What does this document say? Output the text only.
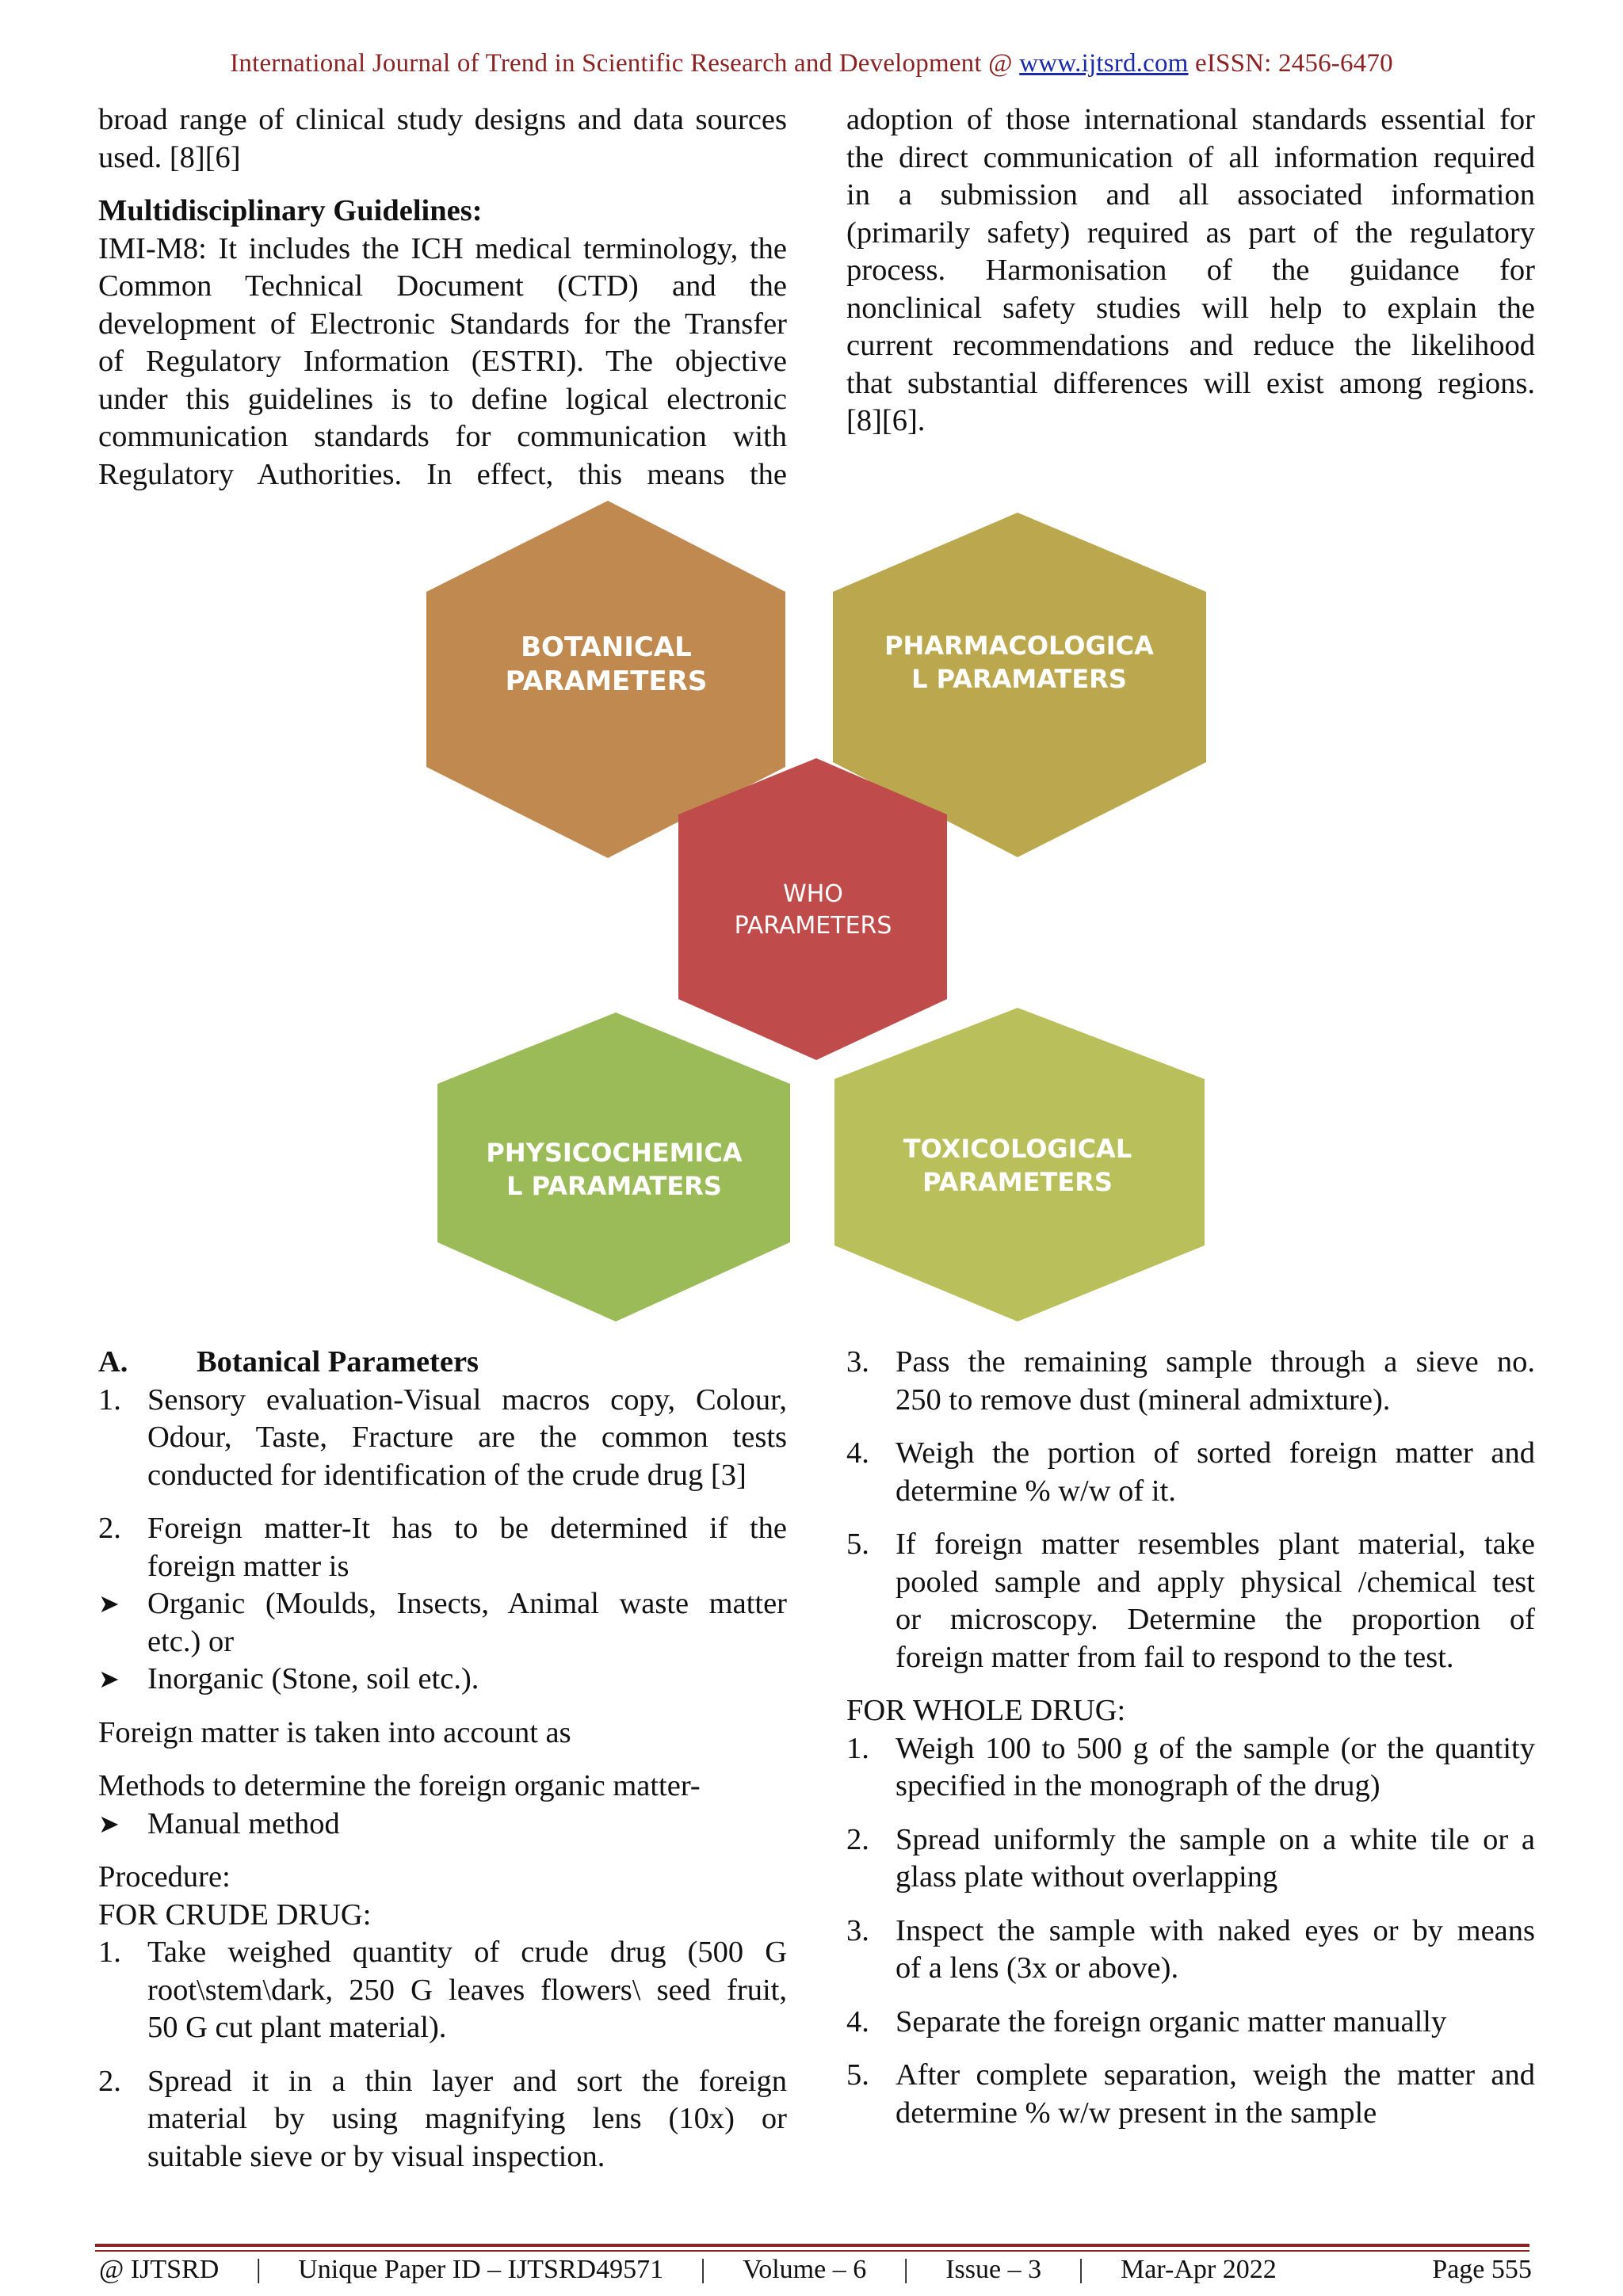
International Journal of Trend in Scientific Research and Development @ www.ijtsrd.com eISSN: 2456-6470

broad range of clinical study designs and data sources

used. [8][6]

Multidisciplinary Guidelines:

IMI-M8: It includes the ICH medical terminology, the

Common Technical Document (CTD) and the

development of Electronic Standards for the Transfer

of Regulatory Information (ESTRI). The objective

under this guidelines is to define logical electronic

communication standards for communication with

Regulatory Authorities. In effect, this means the

adoption of those international standards essential for

the direct communication of all information required

in a submission and all associated information

(primarily safety) required as part of the regulatory

process. Harmonisation of the guidance for

nonclinical safety studies will help to explain the

current recommendations and reduce the likelihood

that substantial differences will exist among regions.

[8][6].

BOTANICAL
PARAMETERS
PHARMACOLOGICA
L PARAMATERS
WHO
PARAMETERS
PHYSICOCHEMICA
L PARAMATERS
TOXICOLOGICAL
PARAMETERS

A. Botanical Parameters

1. Sensory evaluation-Visual macros copy, Colour,

Odour, Taste, Fracture are the common tests

conducted for identification of the crude drug [3]

2. Foreign matter-It has to be determined if the

foreign matter is

➤ Organic (Moulds, Insects, Animal waste matter

etc.) or

➤ Inorganic (Stone, soil etc.).

Foreign matter is taken into account as

Methods to determine the foreign organic matter-

➤ Manual method

Procedure:

FOR CRUDE DRUG:

1. Take weighed quantity of crude drug (500 G

root\stem\dark, 250 G leaves flowers\ seed fruit,

50 G cut plant material).

2. Spread it in a thin layer and sort the foreign

material by using magnifying lens (10x) or

suitable sieve or by visual inspection.

3. Pass the remaining sample through a sieve no.

250 to remove dust (mineral admixture).

4. Weigh the portion of sorted foreign matter and

determine % w/w of it.

5. If foreign matter resembles plant material, take

pooled sample and apply physical /chemical test

or microscopy. Determine the proportion of

foreign matter from fail to respond to the test.

FOR WHOLE DRUG:

1. Weigh 100 to 500 g of the sample (or the quantity

specified in the monograph of the drug)

2. Spread uniformly the sample on a white tile or a

glass plate without overlapping

3. Inspect the sample with naked eyes or by means

of a lens (3x or above).

4. Separate the foreign organic matter manually

5. After complete separation, weigh the matter and

determine % w/w present in the sample

@ IJTSRD | Unique Paper ID – IJTSRD49571 | Volume – 6 | Issue – 3 | Mar-Apr 2022	Page 555
